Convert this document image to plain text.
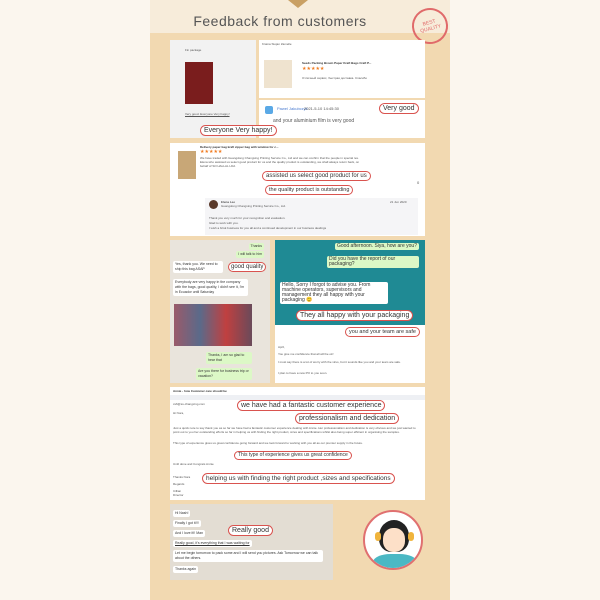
Feedback from customers	BEST QUALITY
Fin package
Very good. Everyone Very happy!
Kraina Stojan Zamelle
Seeds Packing Brown Paper Kraft Bags Craft P...
★★★★★
Отличный сервис, быстрая доставка. Спасибо
Pawel Jakubczyk
2021-5-10 14:45:30
and your aluminium film is very good
Delivery paper bag kraft zipper bag with window for c...
★★★★★
We have traded with Guangdong Changxing Printing Service Co., Ltd and we can confirm that the people in special res. Elena who assisted us select good product for us and the quality product is outstanding, we shall always return back, on behalf of SO HALLAL LDA
0
Elena Lee
Guangdong Changxing Printing Service Co., Ltd.
21 Jun 2020
Thank you very much for your recognition and evaluation.
Glad to work with you.
I wish a brisk business for you all and a continued development in our business dealings
Thanks
I will talk to him
Yes, thank you. We need to ship this bag ASAP
Everybody are very happy in the company with the bags, good quality, I didn't see it, I'm in Ecuador until Saturday
Thanks, I am so glad to hear that
Are you there for business trip or vacation?
Good afternoon. Siya, how are you?
Did you have the report of our packaging?
Hello, Sorry I forgot to advise you. From machine operators, supervisors and management they all happy with your packaging 😊
April,
You give me confidence that all will be ok!
I must say there is a lot of worry with the virus, but it sounds like you and your team are safe.
I plan to have a new PO to you soon.
Annie - how Customer care should be
cs6@ss-changxing.com
Hi Nora,
Just a quick note to say thank you as so far we have had a fantastic customer experience dealing with Annie. Her professionalism and dedication is very obvious and we just wanted to point out to you her outstanding efforts so far in helping us with finding the right product, sizes and specifications whilst also being super efficient in organising the samples.
This type of experience gives us great confidence going forward and we look forward to working with you all as our premier supply in the future.
Until done and Congrats Annie
Thanks Nora
Regards
Cillian
Director
Hi Nash!
Finally I got it!!!
And I love it!! Man
Really good, it's everything that I was waiting for
Let me begin tomorrow to pack some and I will send you pictures. Ask Tomorrow we can talk about the others.
Thanks again
Everyone Very happy!
Very good
assisted us select good product for us
the quality product is outstanding
good quality
They all happy with your packaging
you and your team are safe
we have had a fantastic customer experience
professionalism and dedication
This type of experience gives us great confidence
helping us with finding the right product ,sizes and specifications
Really good
